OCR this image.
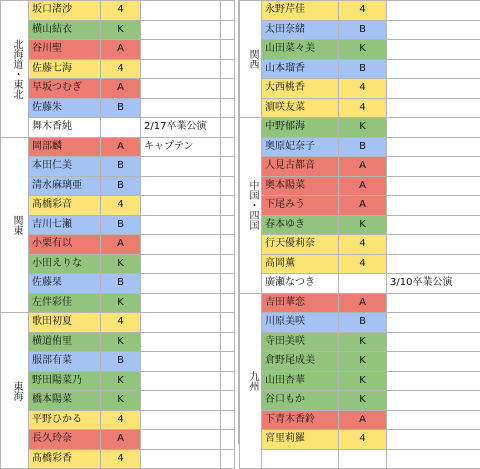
北海道・東北	坂口渚沙	4		
	横山結衣	K		
	谷川聖	A		
	佐藤七海	4		
	早坂つむぎ	A		
	佐藤朱	B		
	舞木香純		2/17卒業公演	
関東	岡部麟	A	キャプテン	
	本田仁美	B		
	清水麻璃亜	B		
	髙橋彩音	4		
	吉川七瀬	B		
	小栗有以	A		
	小田えりな	K		
	佐藤栞	B		
	左伴彩佳	K		
東海	歌田初夏	4		
	横道侑里	K		
	服部有菜	B		
	野田陽菜乃	K		
	橋本陽菜	K		
	平野ひかる	4		
	長久玲奈	A		
	髙橋彩香	4		
関西	永野芹佳	4	
	太田奈緒	B	
	山田菜々美	K	
	山本瑠香	B	
	大西桃香	4	
	濵咲友菜	4	
中国・四国	中野郁海	K	
	奥原妃奈子	B	
	人見古都音	A	
	奥本陽菜	A	
	下尾みう	A	
	春本ゆき	K	
	行天優莉奈	4	
	高岡薫	4	
	廣瀬なつき		3/10卒業公演
九州	吉田華恋	A	
	川原美咲	B	
	寺田美咲	K	
	倉野尾成美	K	
	山田杏華	K	
	谷口もか	K	
	下青木香鈴	A	
	宮里莉羅	4	
